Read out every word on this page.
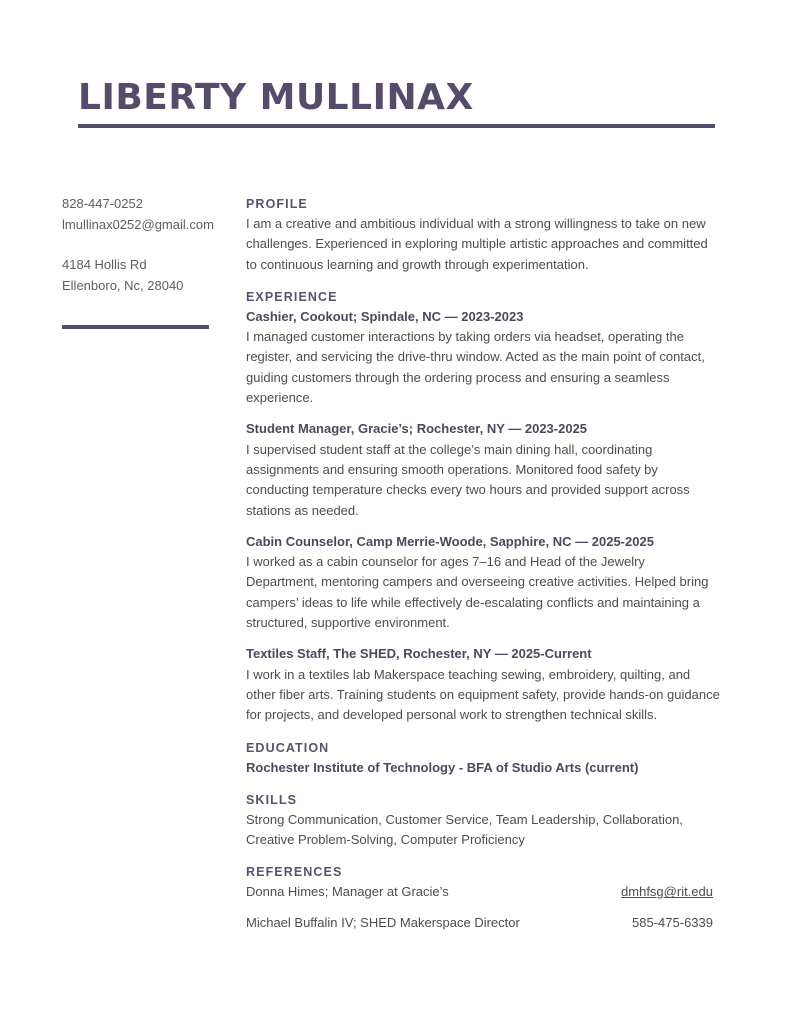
LIBERTY MULLINAX
828-447-0252
lmullinax0252@gmail.com
4184 Hollis Rd
Ellenboro, Nc, 28040
PROFILE

I am a creative and ambitious individual with a strong willingness to take on new challenges. Experienced in exploring multiple artistic approaches and committed to continuous learning and growth through experimentation.

EXPERIENCE
Cashier, Cookout; Spindale, NC — 2023-2023

I managed customer interactions by taking orders via headset, operating the register, and servicing the drive-thru window. Acted as the main point of contact, guiding customers through the ordering process and ensuring a seamless experience.

Student Manager, Gracie’s; Rochester, NY — 2023-2025

I supervised student staff at the college’s main dining hall, coordinating assignments and ensuring smooth operations. Monitored food safety by conducting temperature checks every two hours and provided support across stations as needed.

Cabin Counselor, Camp Merrie-Woode, Sapphire, NC — 2025-2025

I worked as a cabin counselor for ages 7–16 and Head of the Jewelry Department, mentoring campers and overseeing creative activities. Helped bring campers’ ideas to life while effectively de-escalating conflicts and maintaining a structured, supportive environment.

Textiles Staff, The SHED, Rochester, NY — 2025-Current

I work in a textiles lab Makerspace teaching sewing, embroidery, quilting, and other fiber arts. Training students on equipment safety, provide hands-on guidance for projects, and developed personal work to strengthen technical skills.

EDUCATION
Rochester Institute of Technology - BFA of Studio Arts (current)
SKILLS

Strong Communication, Customer Service, Team Leadership, Collaboration, Creative Problem-Solving, Computer Proficiency

REFERENCES
Donna Himes; Manager at Gracie’s	dmhfsg@rit.edu
Michael Buffalin IV; SHED Makerspace Director	585-475-6339
